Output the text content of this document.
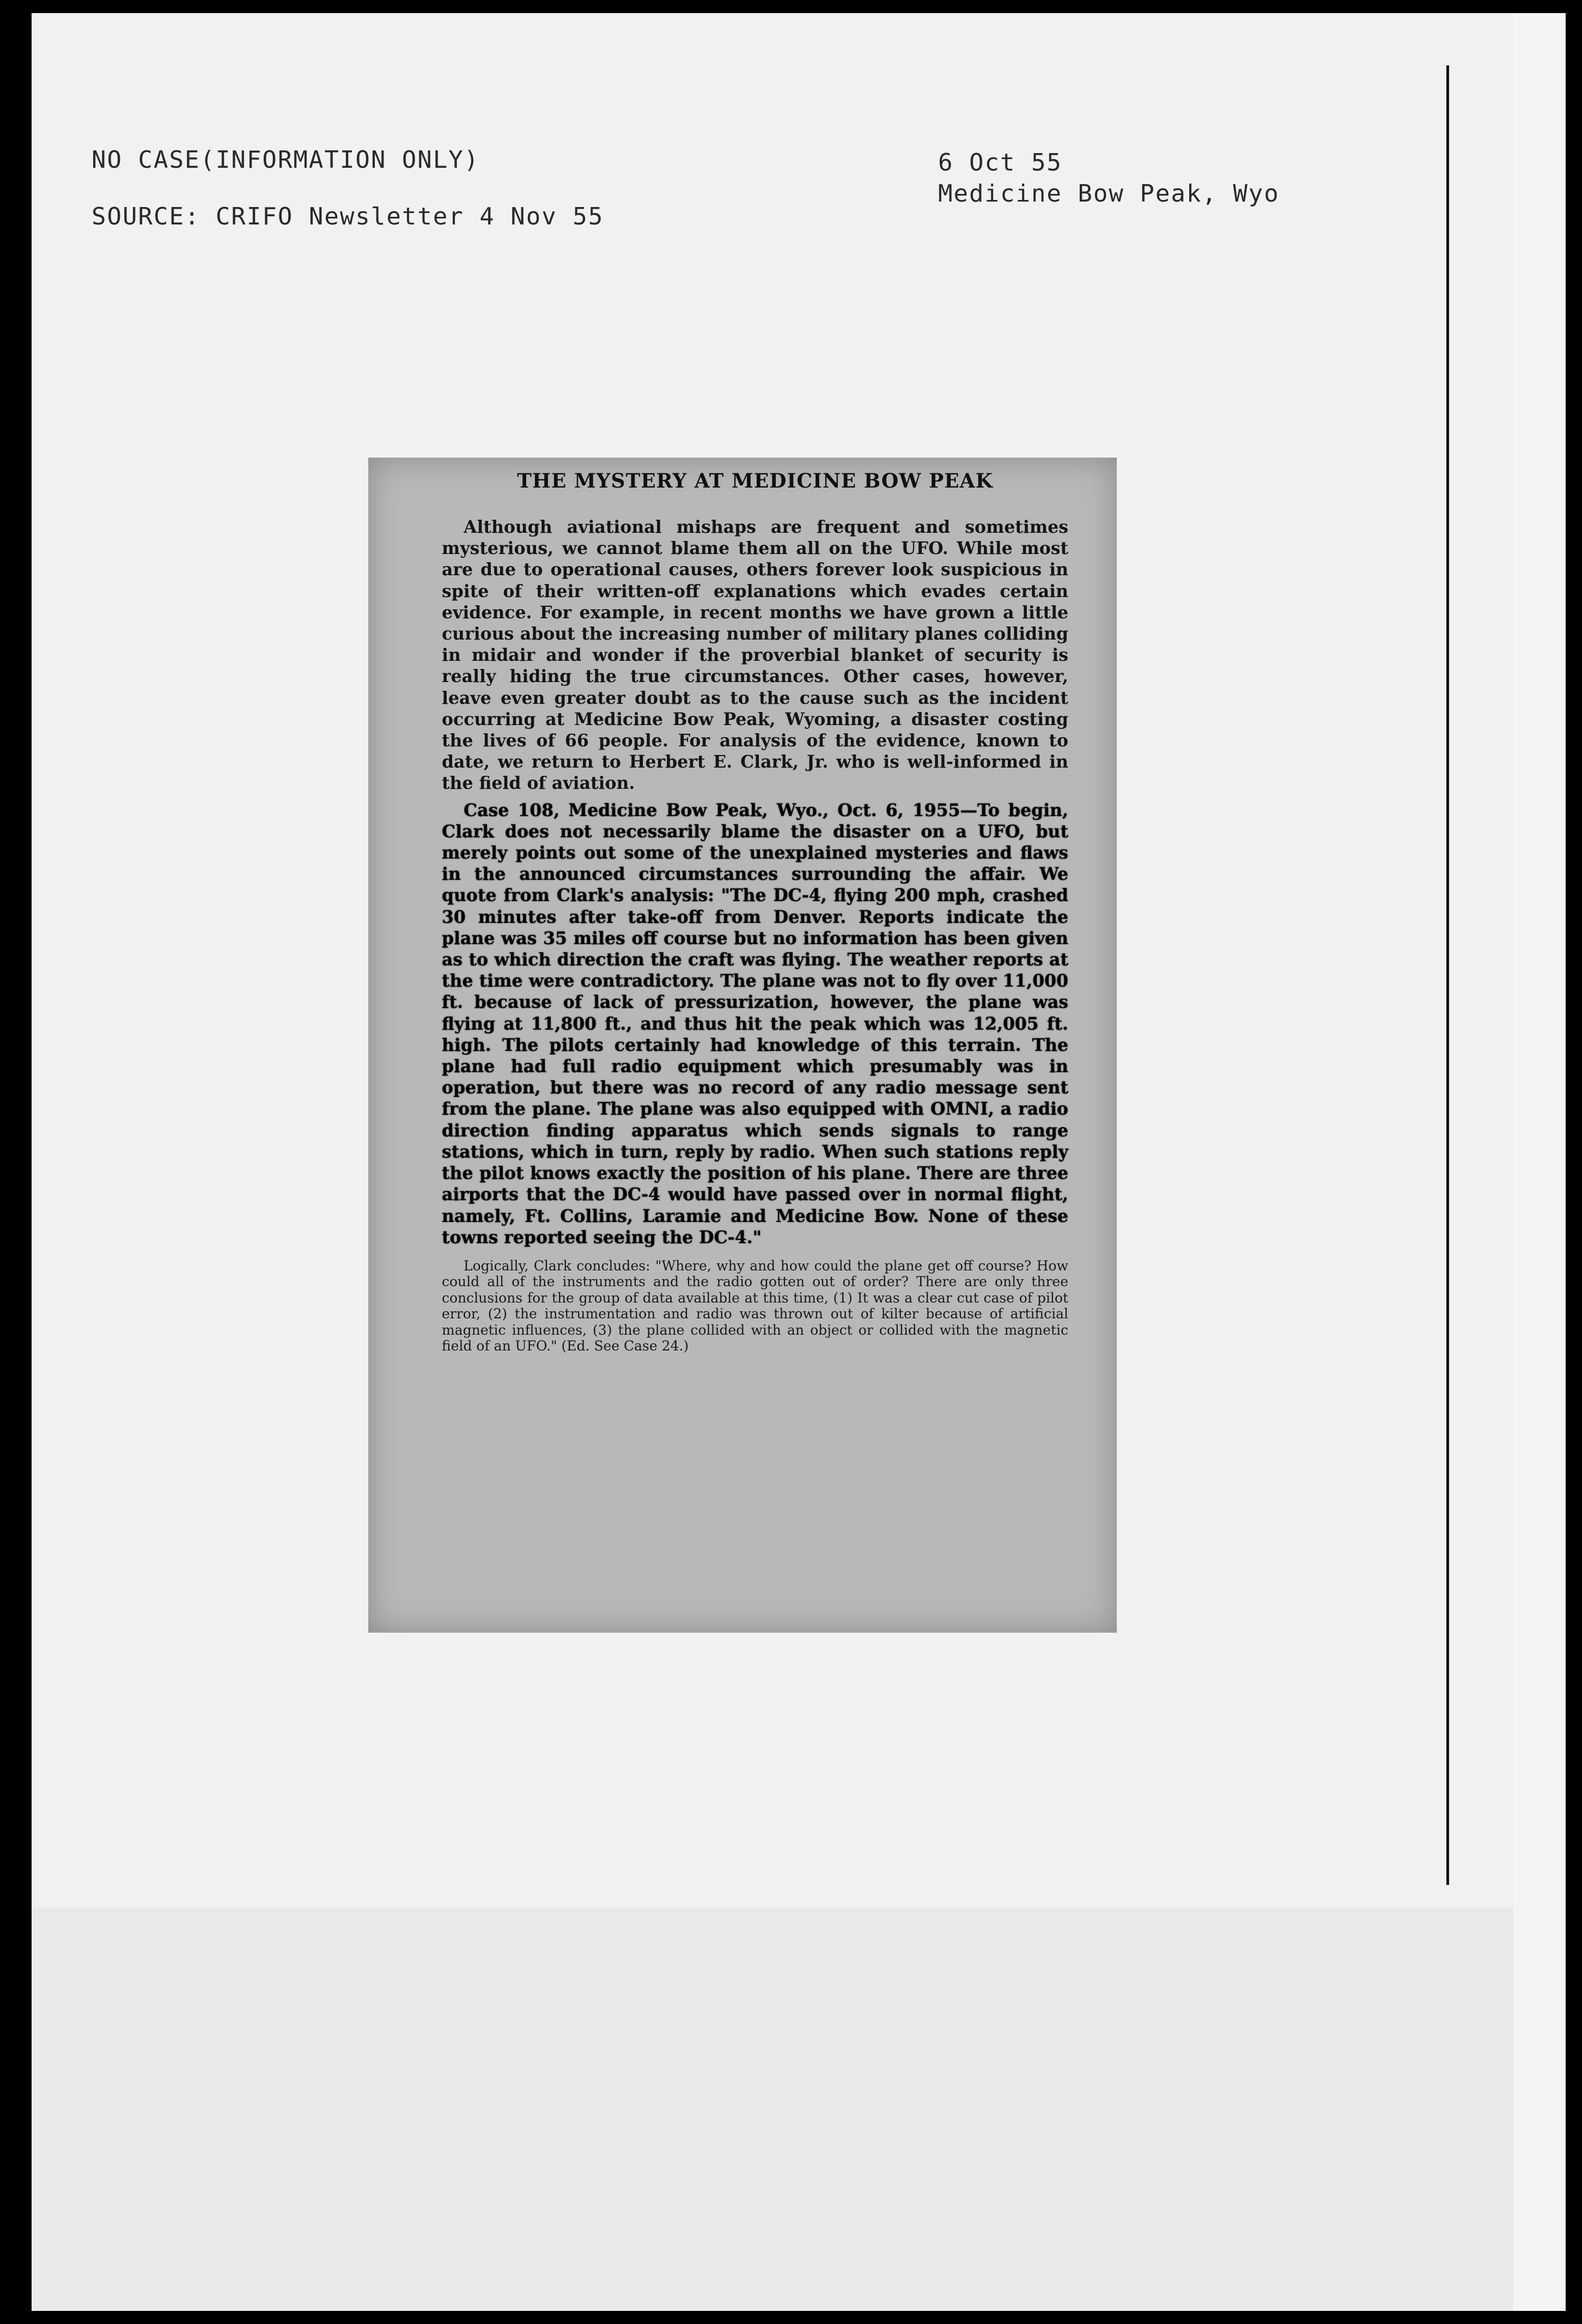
NO CASE(INFORMATION ONLY)
SOURCE: CRIFO Newsletter 4 Nov 55
6 Oct 55
Medicine Bow Peak, Wyo
THE MYSTERY AT MEDICINE BOW PEAK

Although aviational mishaps are frequent and sometimes mysterious, we cannot blame them all on the UFO. While most are due to operational causes, others forever look suspicious in spite of their written-off explanations which evades certain evidence. For example, in recent months we have grown a little curious about the increasing number of military planes colliding in midair and wonder if the proverbial blanket of security is really hiding the true circumstances. Other cases, however, leave even greater doubt as to the cause such as the incident occurring at Medicine Bow Peak, Wyoming, a disaster costing the lives of 66 people. For analysis of the evidence, known to date, we return to Herbert E. Clark, Jr. who is well-informed in the field of aviation.

Case 108, Medicine Bow Peak, Wyo., Oct. 6, 1955—To begin, Clark does not necessarily blame the disaster on a UFO, but merely points out some of the unexplained mysteries and flaws in the announced circumstances surrounding the affair. We quote from Clark's analysis: "The DC-4, flying 200 mph, crashed 30 minutes after take-off from Denver. Reports indicate the plane was 35 miles off course but no information has been given as to which direction the craft was flying. The weather reports at the time were contradictory. The plane was not to fly over 11,000 ft. because of lack of pressurization, however, the plane was flying at 11,800 ft., and thus hit the peak which was 12,005 ft. high. The pilots certainly had knowledge of this terrain. The plane had full radio equipment which presumably was in operation, but there was no record of any radio message sent from the plane. The plane was also equipped with OMNI, a radio direction finding apparatus which sends signals to range stations, which in turn, reply by radio. When such stations reply the pilot knows exactly the position of his plane. There are three airports that the DC-4 would have passed over in normal flight, namely, Ft. Collins, Laramie and Medicine Bow. None of these towns reported seeing the DC-4."

Logically, Clark concludes: "Where, why and how could the plane get off course? How could all of the instruments and the radio gotten out of order? There are only three conclusions for the group of data available at this time, (1) It was a clear cut case of pilot error, (2) the instrumentation and radio was thrown out of kilter because of artificial magnetic influences, (3) the plane collided with an object or collided with the magnetic field of an UFO." (Ed. See Case 24.)
